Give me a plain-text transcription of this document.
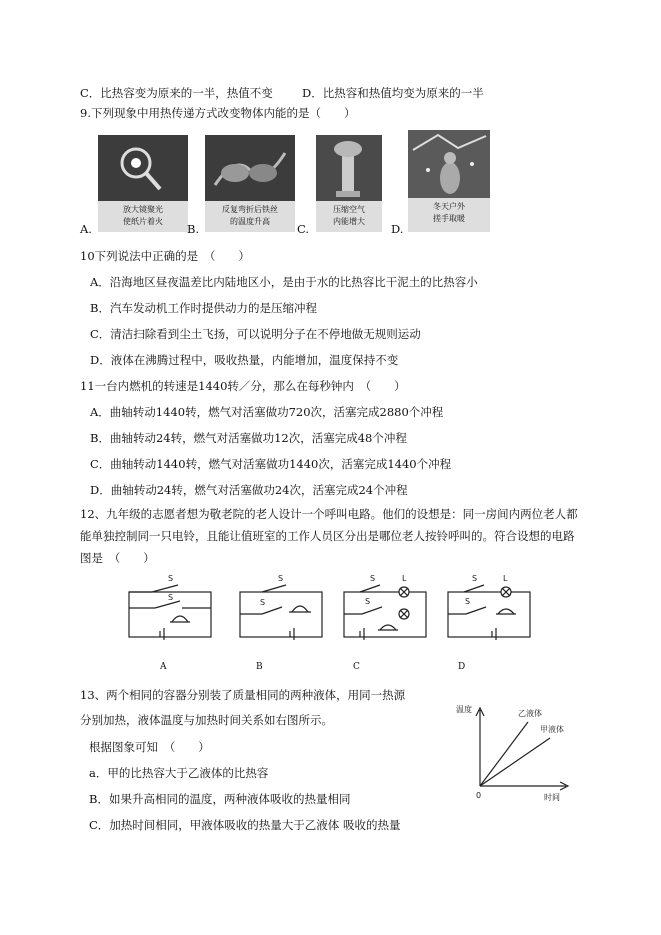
C．比热容变为原来的一半，热值不变	D．比热容和热值均变为原来的一半
9.下列现象中用热传递方式改变物体内能的是（　　）
A.
放大镜聚光
使纸片着火
B.
反复弯折后铁丝
的温度升高
C.
压缩空气
内能增大
D.
冬天户外
搓手取暖
10下列说法中正确的是　（　　）
A．沿海地区昼夜温差比内陆地区小，是由于水的比热容比干泥土的比热容小
B．汽车发动机工作时提供动力的是压缩冲程
C．清洁扫除看到尘土飞扬，可以说明分子在不停地做无规则运动
D．液体在沸腾过程中，吸收热量，内能增加，温度保持不变
11一台内燃机的转速是1440转／分，那么在每秒钟内　（　　）
A．曲轴转动1440转，燃气对活塞做功720次，活塞完成2880个冲程
B．曲轴转动24转，燃气对活塞做功12次，活塞完成48个冲程
C．曲轴转动1440转，燃气对活塞做功1440次，活塞完成1440个冲程
D．曲轴转动24转，燃气对活塞做功24次，活塞完成24个冲程
12、九年级的志愿者想为敬老院的老人设计一个呼叫电路。他们的设想是：同一房间内两位老人都
能单独控制同一只电铃，且能让值班室的工作人员区分出是哪位老人按铃呼叫的。符合设想的电路
图是　（　　）
S
S
S
S
S
S
L	S
S
L
A	B	C	D
13、两个相同的容器分别装了质量相同的两种液体，用同一热源
分别加热，液体温度与加热时间关系如右图所示。
根据图象可知　（　　）
a．甲的比热容大于乙液体的比热容
B．如果升高相同的温度，两种液体吸收的热量相同
C．加热时间相同，甲液体吸收的热量大于乙液体 吸收的热量
温度	乙液体
甲液体
0	时间
